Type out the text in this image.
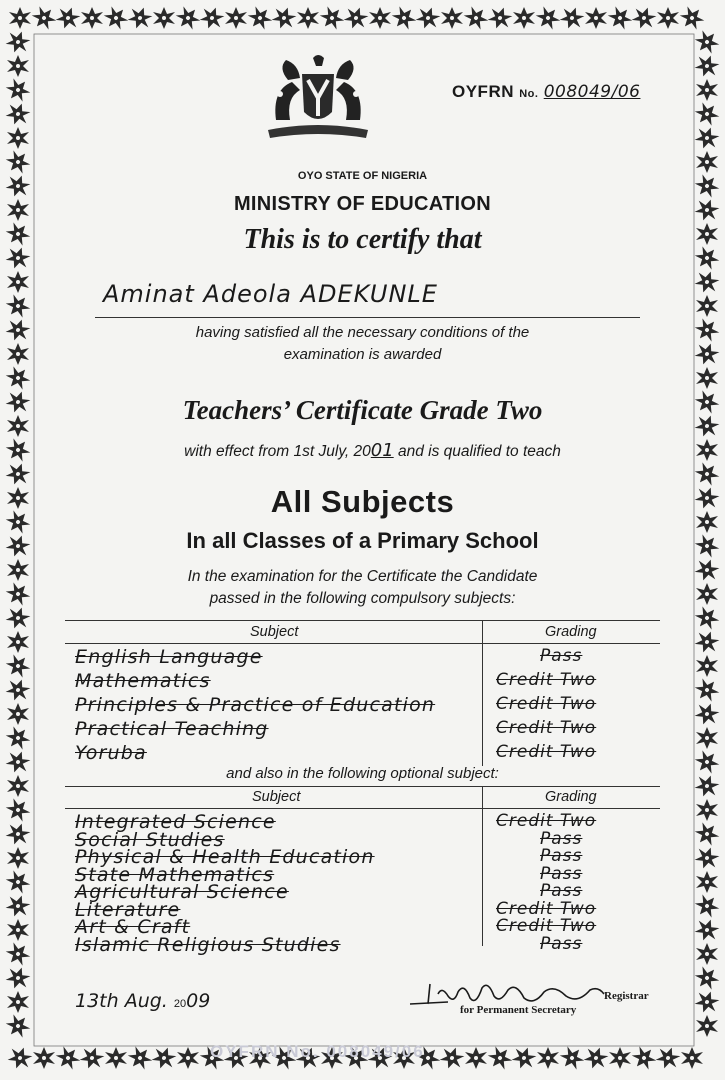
OYFRN No. 008049/06
OYO STATE OF NIGERIA
MINISTRY OF EDUCATION
This is to certify that
Aminat Adeola ADEKUNLE
having satisfied all the necessary conditions of the
examination is awarded
Teachers’ Certificate Grade Two
with effect from 1st July, 2001 and is qualified to teach
All Subjects
In all Classes of a Primary School
In the examination for the Certificate the Candidate
passed in the following compulsory subjects:
Subject	Grading
English Language	Pass
Mathematics	Credit Two
Principles & Practice of Education	Credit Two
Practical Teaching	Credit Two
Yoruba	Credit Two
and also in the following optional subject:
Subject	Grading
Integrated Science	Credit Two
Social Studies	Pass
Physical & Health Education	Pass
State Mathematics	Pass
Agricultural Science	Pass
Literature	Credit Two
Art & Craft	Credit Two
Islamic Religious Studies	Pass
13th Aug. 2009	Registrar
for Permanent Secretary
OYFRN No. 008049/06
